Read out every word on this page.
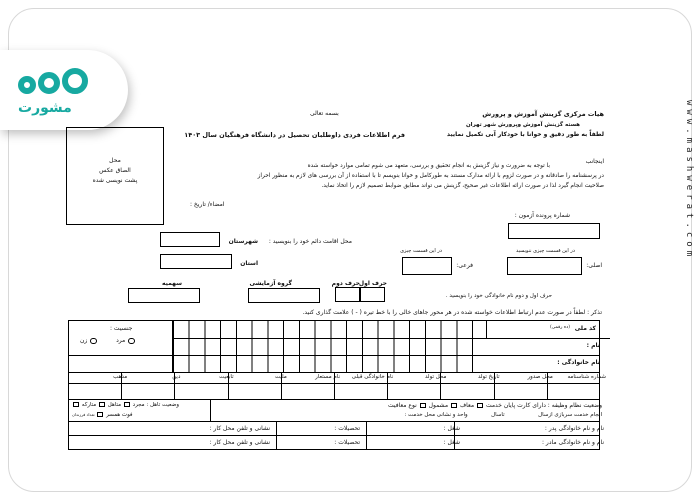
مشورت	www.mashwerat.com
بسمه تعالی	هیات مرکزی گزینش آموزش و پرورش
هسته گزینش آموزش وپرورش شهر تهران
لطفاً به طور دقیق و خوانا با خودکار آبی تکمیل نمایید
فرم اطلاعات فردی داوطلبان تحصیل در دانشگاه فرهنگیان سال ۱۴۰۳
محل
الصاق عکس
پشت نویسی شده
اینجانب
با توجه به ضرورت و نیاز گزینش به انجام تحقیق و بررسی، متعهد می شوم تمامی موارد خواسته شده
در پرسشنامه را صادقانه و در صورت لزوم با ارائه مدارک مستند به طورکامل و خوانا بنویسم تا با استفاده از آن بررسی های لازم به منظور احراز
صلاحیت انجام گیرد لذا در صورت ارائه اطلاعات غیر صحیح، گزینش می تواند مطابق ضوابط تصمیم لازم را اتخاذ نماید.
امضاء/ تاریخ :
شماره پرونده آزمون :
در این قسمت چیزی ننویسید
در این قسمت چیزی
اصلی:
فرعی:
محل اقامت دائم خود را بنویسید :
شهرستان
استان
حرف اول
حرف دوم
حرف اول و دوم نام خانوادگی خود را بنویسید .
گروه آزمایشی
سهمیه
تذکر : لطفاً در صورت عدم ارتباط اطلاعات خواسته شده در هر محور جاهای خالی را با خط تیره ( - ) علامت گذاری کنید.
کد ملی
(ده رقمی)
جنسیت :
مرد   زن
نام :
نام خانوادگی :
شماره شناسنامه
محل صدور
تاریخ تولد
محل تولد
نام خانوادگی قبلی
نام مستعار
ملیت
تابعیت
دین
مذهب
وضعیت نظام وظیفه : دارای کارت پایان خدمت  معاف  مشمول  نوع معافیت
انجام خدمت سربازی ازسال  تاسال  واحد و نشانی محل خدمت :
وضعیت تاهل : مجرد  متاهل  متارکه
فوت همسر  تعداد فرزندان
نام و نام خانوادگی پدر :
شغل :
تحصیلات :
نشانی و تلفن محل کار :
نام و نام خانوادگی مادر :
شغل :
تحصیلات :
نشانی و تلفن محل کار :
